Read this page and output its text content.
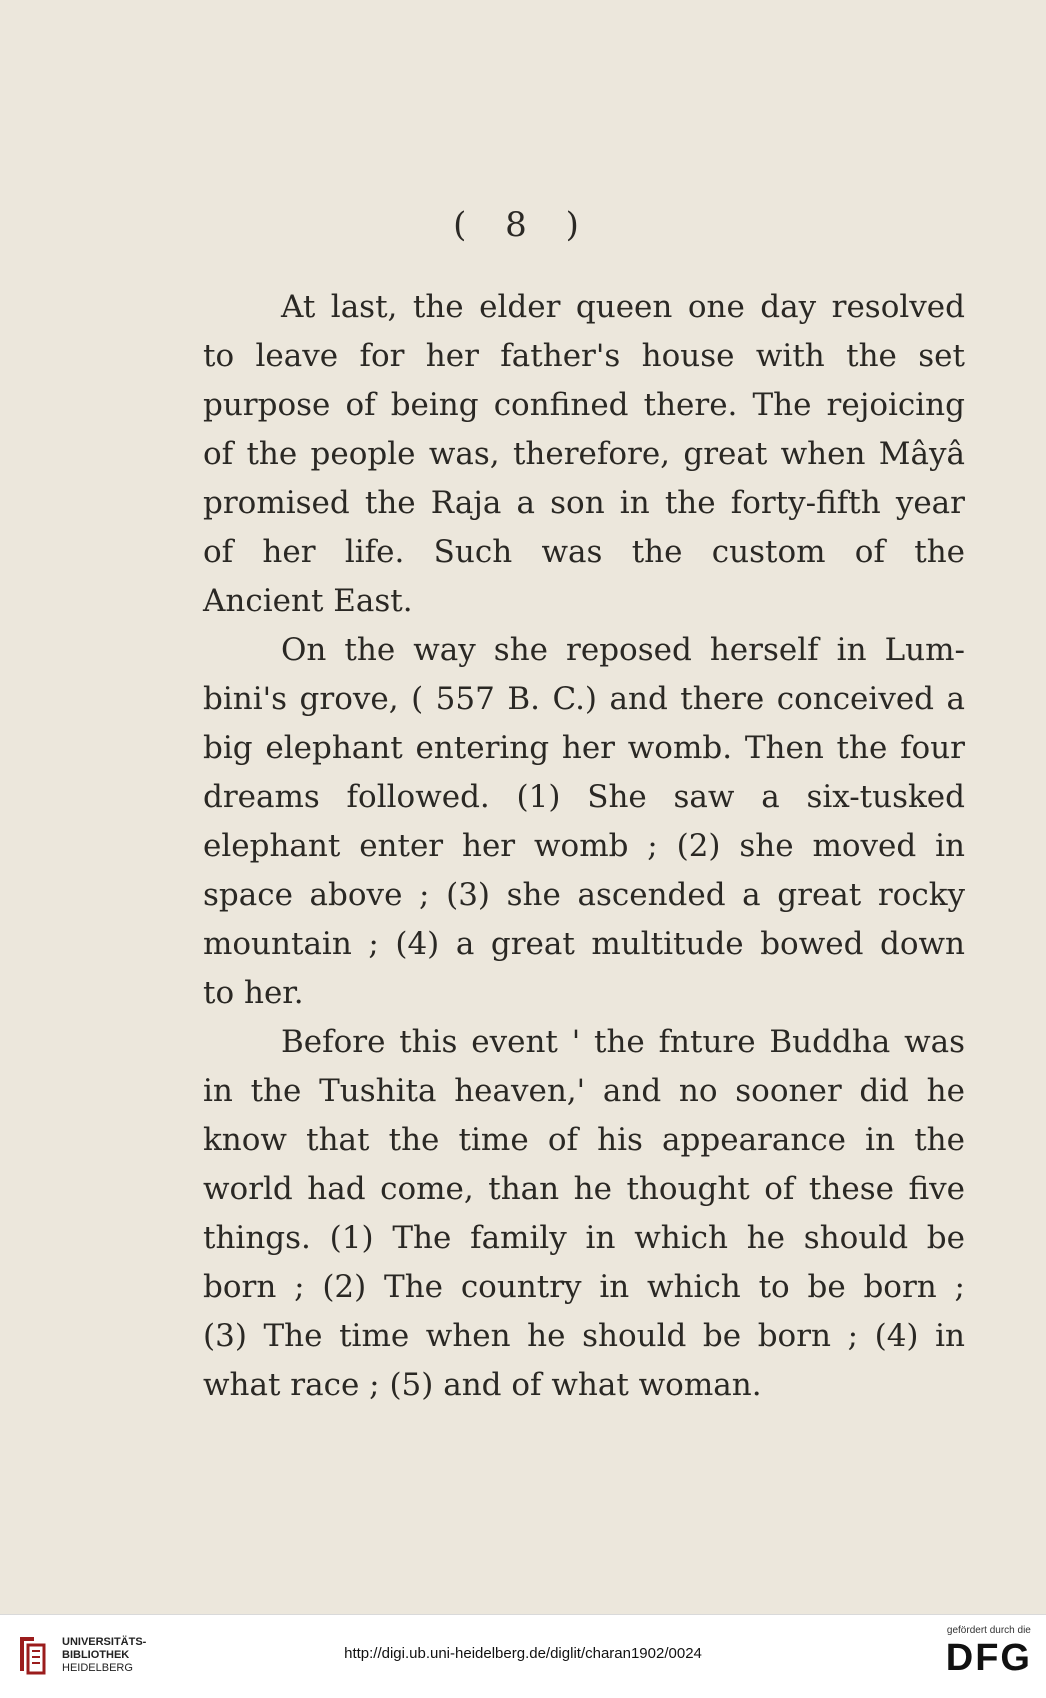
( 8 )
At last, the elder queen one day resolved
to leave for her father's house with the set
purpose of being confined there. The rejoicing
of the people was, therefore, great when Mâyâ
promised the Raja a son in the forty-fifth year
of her life. Such was the custom of the
Ancient East.
On the way she reposed herself in Lum-
bini's grove, ( 557 B. C.) and there conceived a
big elephant entering her womb. Then the four
dreams followed. (1) She saw a six-tusked
elephant enter her womb ; (2) she moved in
space above ; (3) she ascended a great rocky
mountain ; (4) a great multitude bowed down
to her.
Before this event ' the fnture Buddha was
in the Tushita heaven,' and no sooner did he
know that the time of his appearance in the
world had come, than he thought of these five
things. (1) The family in which he should be
born ; (2) The country in which to be born ;
(3) The time when he should be born ; (4) in
what race ; (5) and of what woman.
UNIVERSITÄTS-
BIBLIOTHEK
HEIDELBERG
http://digi.ub.uni-heidelberg.de/diglit/charan1902/0024
gefördert durch die
DFG
